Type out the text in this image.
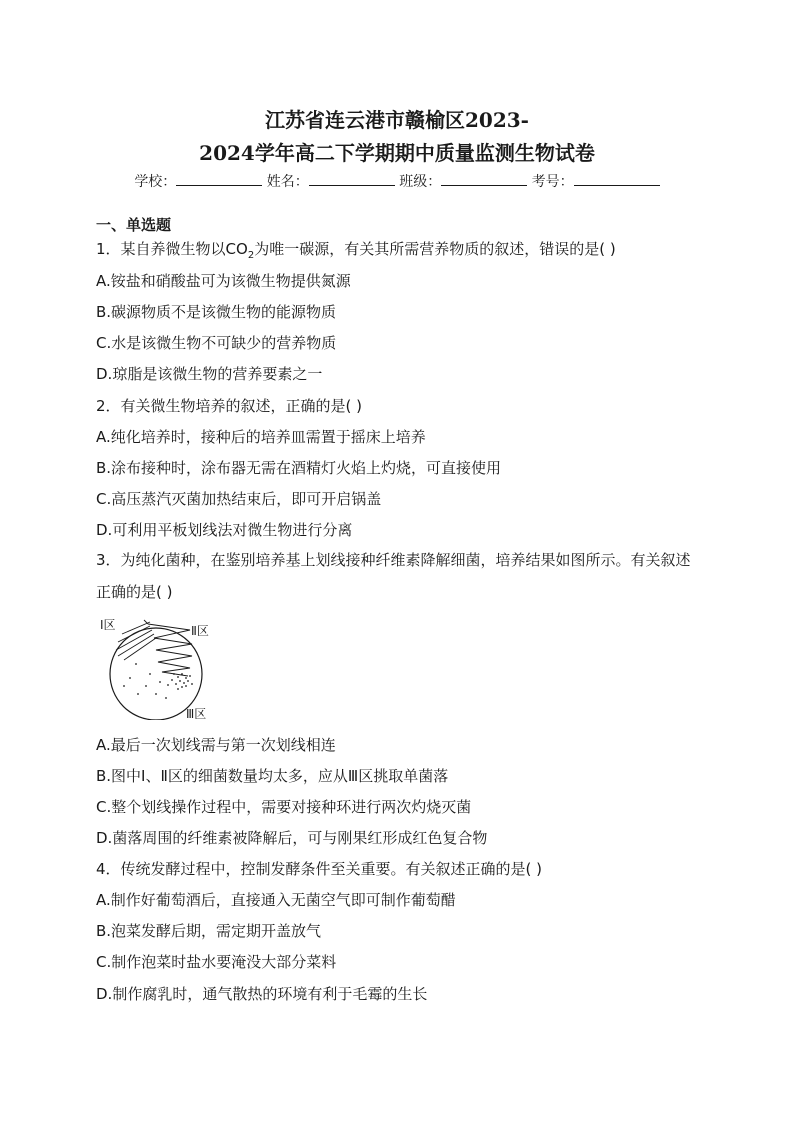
江苏省连云港市赣榆区2023-
2024学年高二下学期期中质量监测生物试卷
学校：	姓名：	班级：	考号：
一、单选题
1．某自养微生物以$CO_2$为唯一碳源，有关其所需营养物质的叙述，错误的是( )
A.铵盐和硝酸盐可为该微生物提供氮源
B.碳源物质不是该微生物的能源物质
C.水是该微生物不可缺少的营养物质
D.琼脂是该微生物的营养要素之一
2．有关微生物培养的叙述，正确的是( )
A.纯化培养时，接种后的培养皿需置于摇床上培养
B.涂布接种时，涂布器无需在酒精灯火焰上灼烧，可直接使用
C.高压蒸汽灭菌加热结束后，即可开启锅盖
D.可利用平板划线法对微生物进行分离
3．为纯化菌种，在鉴别培养基上划线接种纤维素降解细菌，培养结果如图所示。有关叙述正确的是( )
Ⅰ区	Ⅱ区
Ⅲ区
A.最后一次划线需与第一次划线相连
B.图中Ⅰ、Ⅱ区的细菌数量均太多，应从Ⅲ区挑取单菌落
C.整个划线操作过程中，需要对接种环进行两次灼烧灭菌
D.菌落周围的纤维素被降解后，可与刚果红形成红色复合物
4．传统发酵过程中，控制发酵条件至关重要。有关叙述正确的是( )
A.制作好葡萄酒后，直接通入无菌空气即可制作葡萄醋
B.泡菜发酵后期，需定期开盖放气
C.制作泡菜时盐水要淹没大部分菜料
D.制作腐乳时，通气散热的环境有利于毛霉的生长
